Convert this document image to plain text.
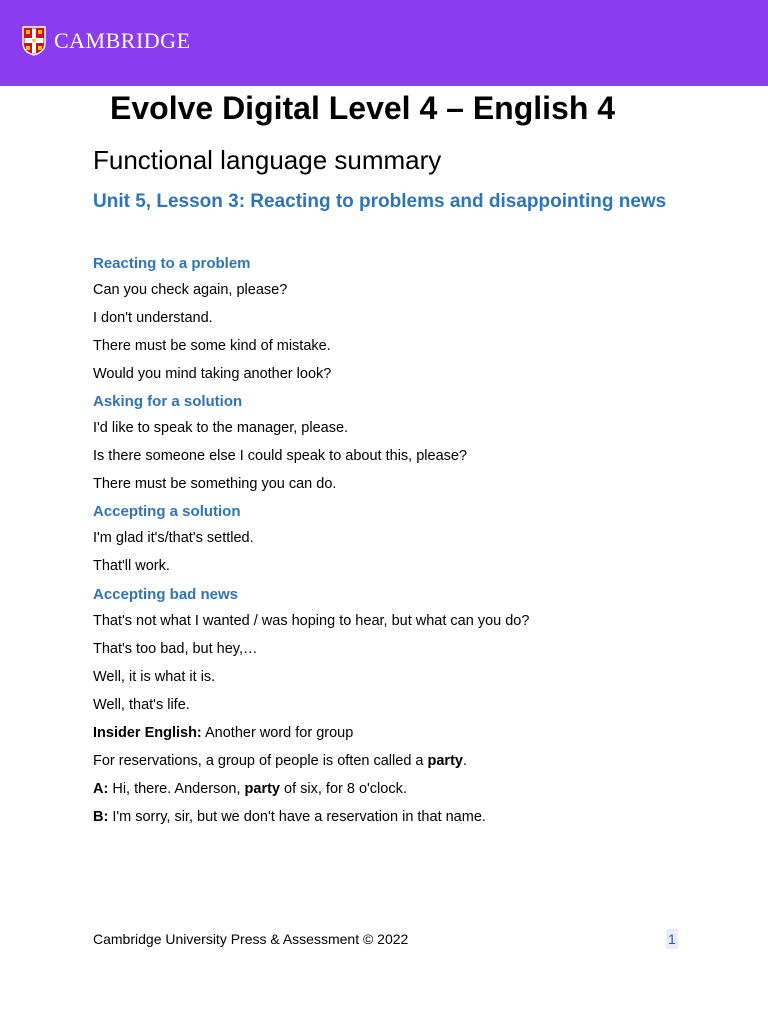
CAMBRIDGE
Evolve Digital Level 4 – English 4
Functional language summary
Unit 5, Lesson 3: Reacting to problems and disappointing news

Reacting to a problem

Can you check again, please?

I don't understand.

There must be some kind of mistake.

Would you mind taking another look?

Asking for a solution

I'd like to speak to the manager, please.

Is there someone else I could speak to about this, please?

There must be something you can do.

Accepting a solution

I'm glad it's/that's settled.

That'll work.

Accepting bad news

That's not what I wanted / was hoping to hear, but what can you do?

That's too bad, but hey,…

Well, it is what it is.

Well, that's life.

Insider English: Another word for group

For reservations, a group of people is often called a party.

A: Hi, there. Anderson, party of six, for 8 o'clock.

B: I'm sorry, sir, but we don't have a reservation in that name.

Cambridge University Press & Assessment © 2022	1
